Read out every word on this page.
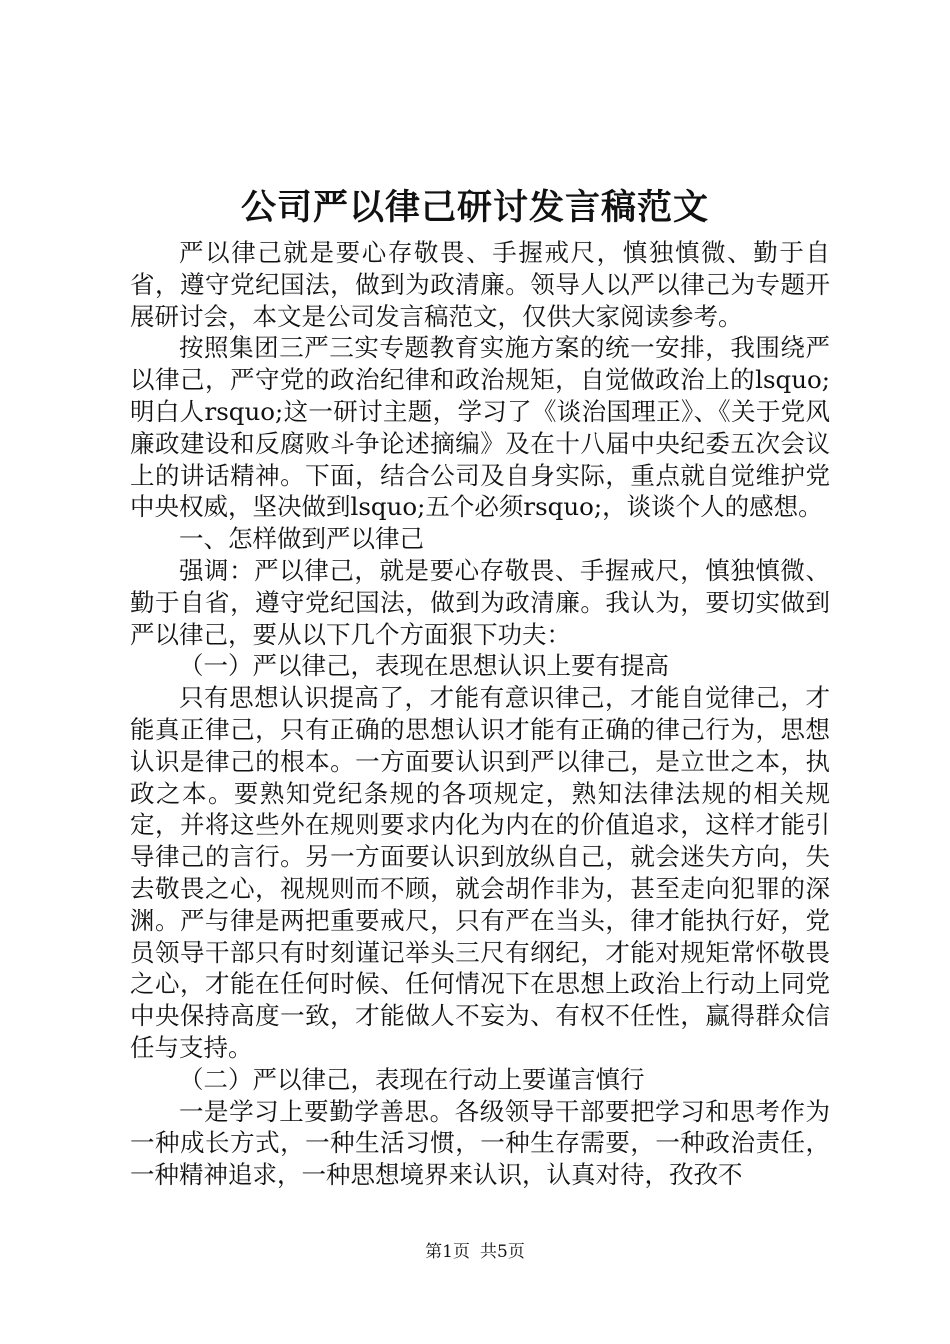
公司严以律己研讨发言稿范文

严以律己就是要心存敬畏、手握戒尺，慎独慎微、勤于自省，遵守党纪国法，做到为政清廉。领导人以严以律己为专题开展研讨会，本文是公司发言稿范文，仅供大家阅读参考。

按照集团三严三实专题教育实施方案的统一安排，我围绕严以律己，严守党的政治纪律和政治规矩，自觉做政治上的lsquo;明白人rsquo;这一研讨主题，学习了《谈治国理正》、《关于党风廉政建设和反腐败斗争论述摘编》及在十八届中央纪委五次会议上的讲话精神。下面，结合公司及自身实际，重点就自觉维护党中央权威，坚决做到lsquo;五个必须rsquo;，谈谈个人的感想。

一、怎样做到严以律己

强调：严以律己，就是要心存敬畏、手握戒尺，慎独慎微、勤于自省，遵守党纪国法，做到为政清廉。我认为，要切实做到严以律己，要从以下几个方面狠下功夫：

（一）严以律己，表现在思想认识上要有提高

只有思想认识提高了，才能有意识律己，才能自觉律己，才能真正律己，只有正确的思想认识才能有正确的律己行为，思想认识是律己的根本。一方面要认识到严以律己，是立世之本，执政之本。要熟知党纪条规的各项规定，熟知法律法规的相关规定，并将这些外在规则要求内化为内在的价值追求，这样才能引导律己的言行。另一方面要认识到放纵自己，就会迷失方向，失去敬畏之心，视规则而不顾，就会胡作非为，甚至走向犯罪的深渊。严与律是两把重要戒尺，只有严在当头，律才能执行好，党员领导干部只有时刻谨记举头三尺有纲纪，才能对规矩常怀敬畏之心，才能在任何时候、任何情况下在思想上政治上行动上同党中央保持高度一致，才能做人不妄为、有权不任性，赢得群众信任与支持。

（二）严以律己，表现在行动上要谨言慎行

一是学习上要勤学善思。各级领导干部要把学习和思考作为一种成长方式，一种生活习惯，一种生存需要，一种政治责任，一种精神追求，一种思想境界来认识，认真对待，孜孜不

第1页 共5页
